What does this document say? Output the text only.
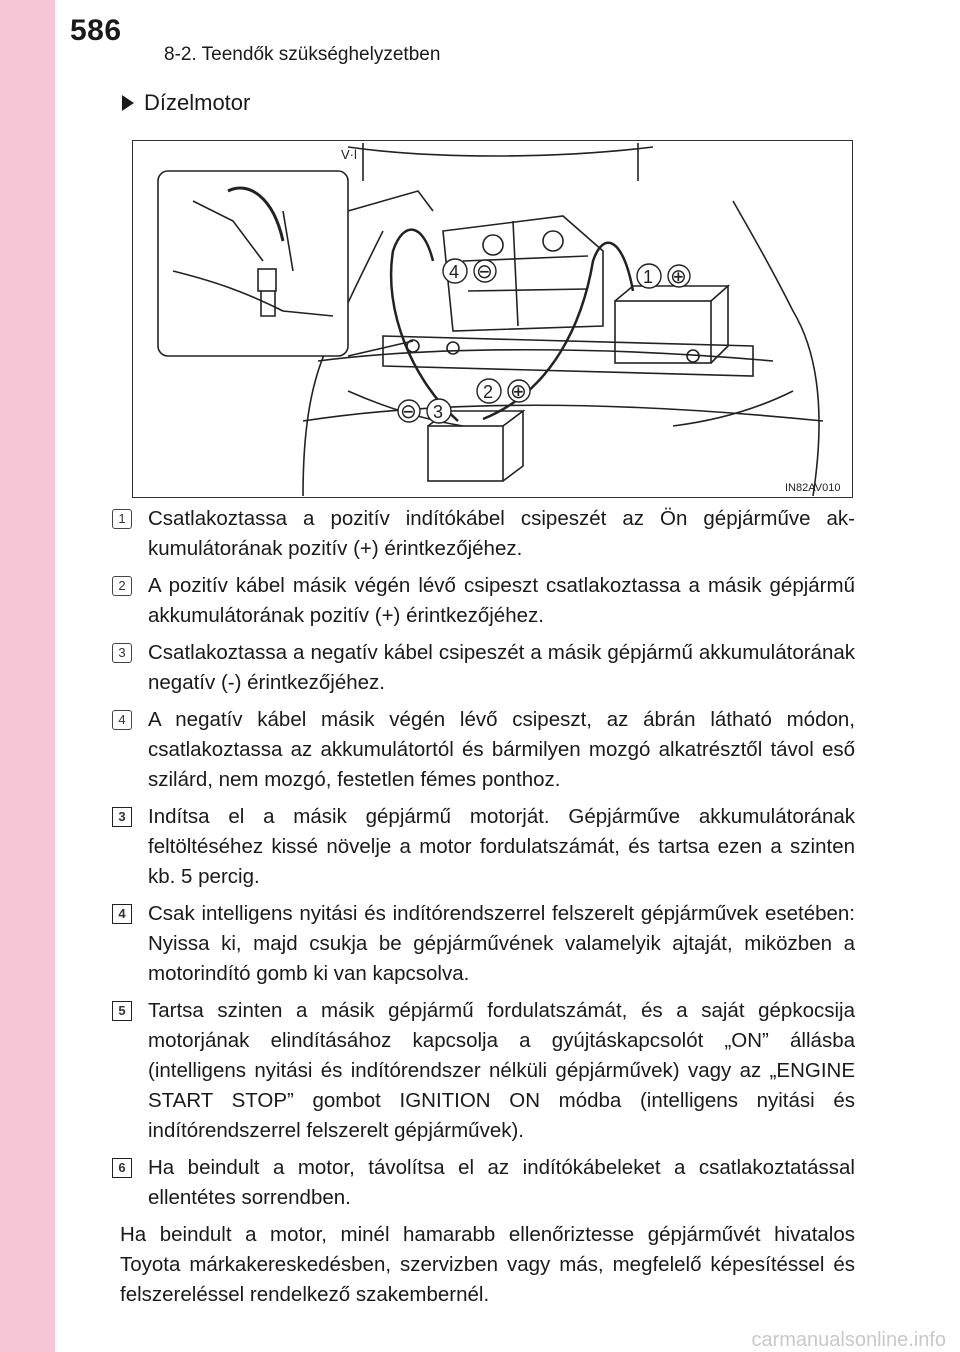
586
8-2. Teendők szükséghelyzetben
Dízelmotor
V·l
1 ⊕
2 ⊕
⊖ 3
4 ⊖
IN82AV010
1	Csatlakoztassa a pozitív indítókábel csipeszét az Ön gépjárműve akkumulátorának pozitív (+) érintkezőjéhez.
2	A pozitív kábel másik végén lévő csipeszt csatlakoztassa a másik gépjármű akkumulátorának pozitív (+) érintkezőjéhez.
3	Csatlakoztassa a negatív kábel csipeszét a másik gépjármű akkumulátorának negatív (-) érintkezőjéhez.
4	A negatív kábel másik végén lévő csipeszt, az ábrán látható módon, csatlakoztassa az akkumulátortól és bármilyen mozgó alkatrésztől távol eső szilárd, nem mozgó, festetlen fémes ponthoz.
3	Indítsa el a másik gépjármű motorját. Gépjárműve akkumulátorának feltöltéséhez kissé növelje a motor fordulatszámát, és tartsa ezen a szinten kb. 5 percig.
4	Csak intelligens nyitási és indítórendszerrel felszerelt gépjárművek esetében: Nyissa ki, majd csukja be gépjárművének valamelyik ajtaját, miközben a motorindító gomb ki van kapcsolva.
5	Tartsa szinten a másik gépjármű fordulatszámát, és a saját gépkocsija motorjának elindításához kapcsolja a gyújtáskapcsolót „ON” állásba (intelligens nyitási és indítórendszer nélküli gépjárművek) vagy az „ENGINE START STOP” gombot IGNITION ON módba (intelligens nyitási és indítórendszerrel felszerelt gépjárművek).
6	Ha beindult a motor, távolítsa el az indítókábeleket a csatlakoztatással ellentétes sorrendben.
Ha beindult a motor, minél hamarabb ellenőriztesse gépjárművét hivatalos Toyota márkakereskedésben, szervizben vagy más, megfelelő képesítéssel és felszereléssel rendelkező szakembernél.
carmanualsonline.info
